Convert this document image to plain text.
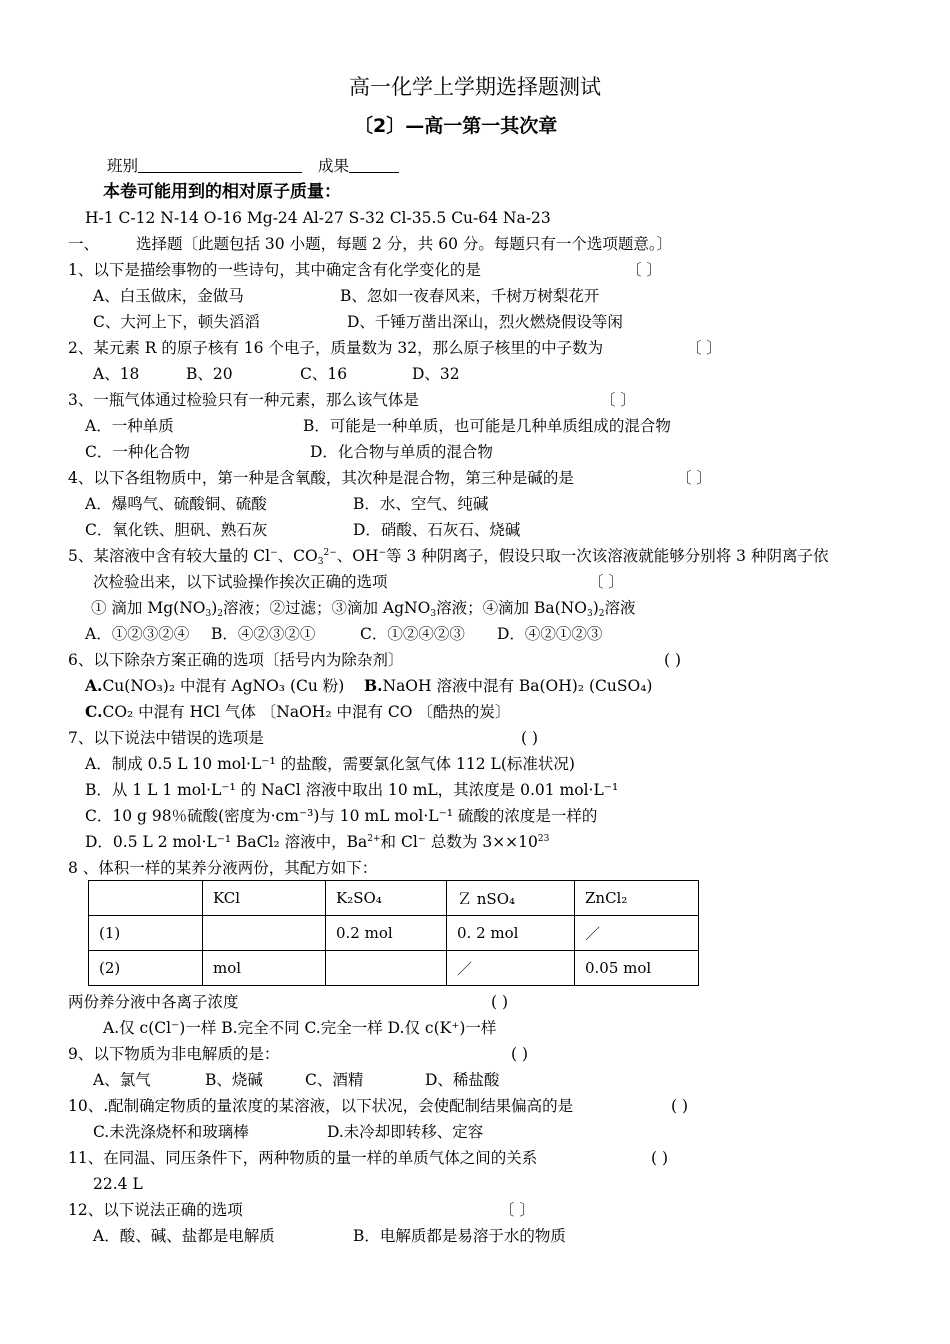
高一化学上学期选择题测试
〔2〕—高一第一其次章
班别	成果
本卷可能用到的相对原子质量：
H-1 C-12 N-14 O-16 Mg-24 Al-27 S-32 Cl-35.5 Cu-64 Na-23
一、 选择题〔此题包括 30 小题，每题 2 分，共 60 分。每题只有一个选项题意。〕
1、以下是描绘事物的一些诗句，其中确定含有化学变化的是	〔 〕
A、白玉做床，金做马	B、忽如一夜春风来，千树万树梨花开
C、大河上下，顿失滔滔	D、千锤万凿出深山，烈火燃烧假设等闲
2、某元素 R 的原子核有 16 个电子，质量数为 32，那么原子核里的中子数为	〔 〕
A、18	B、20	C、16	D、32
3、一瓶气体通过检验只有一种元素，那么该气体是	〔 〕
A．一种单质	B．可能是一种单质，也可能是几种单质组成的混合物
C．一种化合物	D．化合物与单质的混合物
4、以下各组物质中，第一种是含氧酸，其次种是混合物，第三种是碱的是	〔 〕
A．爆鸣气、硫酸铜、硫酸	B．水、空气、纯碱
C．氧化铁、胆矾、熟石灰	D．硝酸、石灰石、烧碱
5、某溶液中含有较大量的 Cl−、$CO_3^{2-}$、OH−等 3 种阴离子，假设只取一次该溶液就能够分别将 3 种阴离子依
次检验出来，以下试验操作挨次正确的选项	〔 〕
① 滴加 $Mg(NO_3)_2$溶液；②过滤；③滴加 AgNO$_3$溶液；④滴加 $Ba(NO_3)_2$溶液
A．①②③②④ B．④②③②①	C．①②④②③ D．④②①②③
6、以下除杂方案正确的选项〔括号内为除杂剂〕	( )
A.Cu(NO₃)₂ 中混有 AgNO₃ (Cu 粉) B.NaOH 溶液中混有 Ba(OH)₂ (CuSO₄)
C.CO₂ 中混有 HCl 气体 〔NaOH₂ 中混有 CO 〔酷热的炭〕
7、以下说法中错误的选项是	( )
A．制成 0.5 L 10 mol·L⁻¹ 的盐酸，需要氯化氢气体 112 L(标准状况)
B．从 1 L 1 mol·L⁻¹ 的 NaCl 溶液中取出 10 mL，其浓度是 0.01 mol·L⁻¹
C．10 g 98％硫酸(密度为·cm⁻³)与 10 mL mol·L⁻¹ 硫酸的浓度是一样的
D．0.5 L 2 mol·L⁻¹ BaCl₂ 溶液中，$Ba^{2+}$和 Cl⁻ 总数为 $3\times\times 10^{23}$
8 、体积一样的某养分液两份，其配方如下：
	KCl	K₂SO₄	Ｚ nSO₄	ZnCl₂
(1)		0.2 mol	0. 2 mol	／
(2)	mol		／	0.05 mol
两份养分液中各离子浓度	( )
A.仅 c(Cl⁻)一样 B.完全不同 C.完全一样 D.仅 c(K⁺)一样
9、以下物质为非电解质的是：	( )
A、氯气	B、烧碱	C、酒精	D、稀盐酸
10、.配制确定物质的量浓度的某溶液，以下状况，会使配制结果偏高的是	( )
C.未洗涤烧杯和玻璃棒	D.未冷却即转移、定容
11、在同温、同压条件下，两种物质的量一样的单质气体之间的关系	( )
22.4 L
12、以下说法正确的选项	〔 〕
A．酸、碱、盐都是电解质	B．电解质都是易溶于水的物质
